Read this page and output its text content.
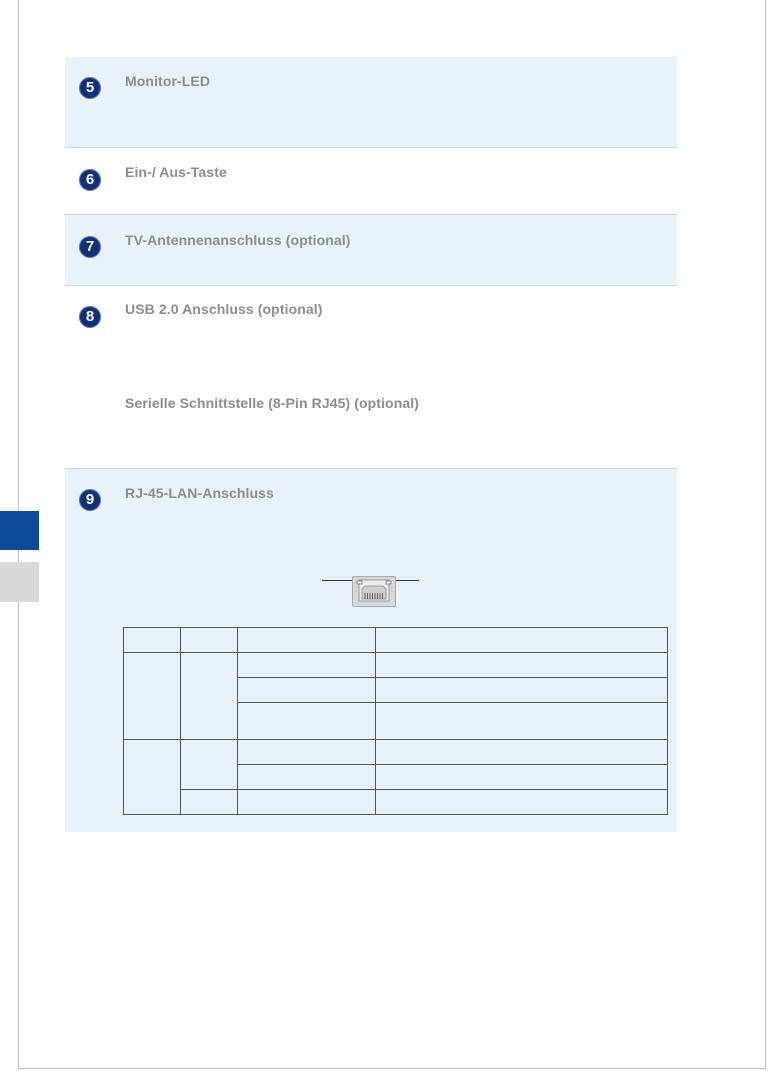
5	Monitor-LED
6	Ein-/ Aus-Taste
7	TV-Antennenanschluss (optional)
8	USB 2.0 Anschluss (optional)
Serielle Schnittstelle (8-Pin RJ45) (optional)
9	RJ-45-LAN-Anschluss
